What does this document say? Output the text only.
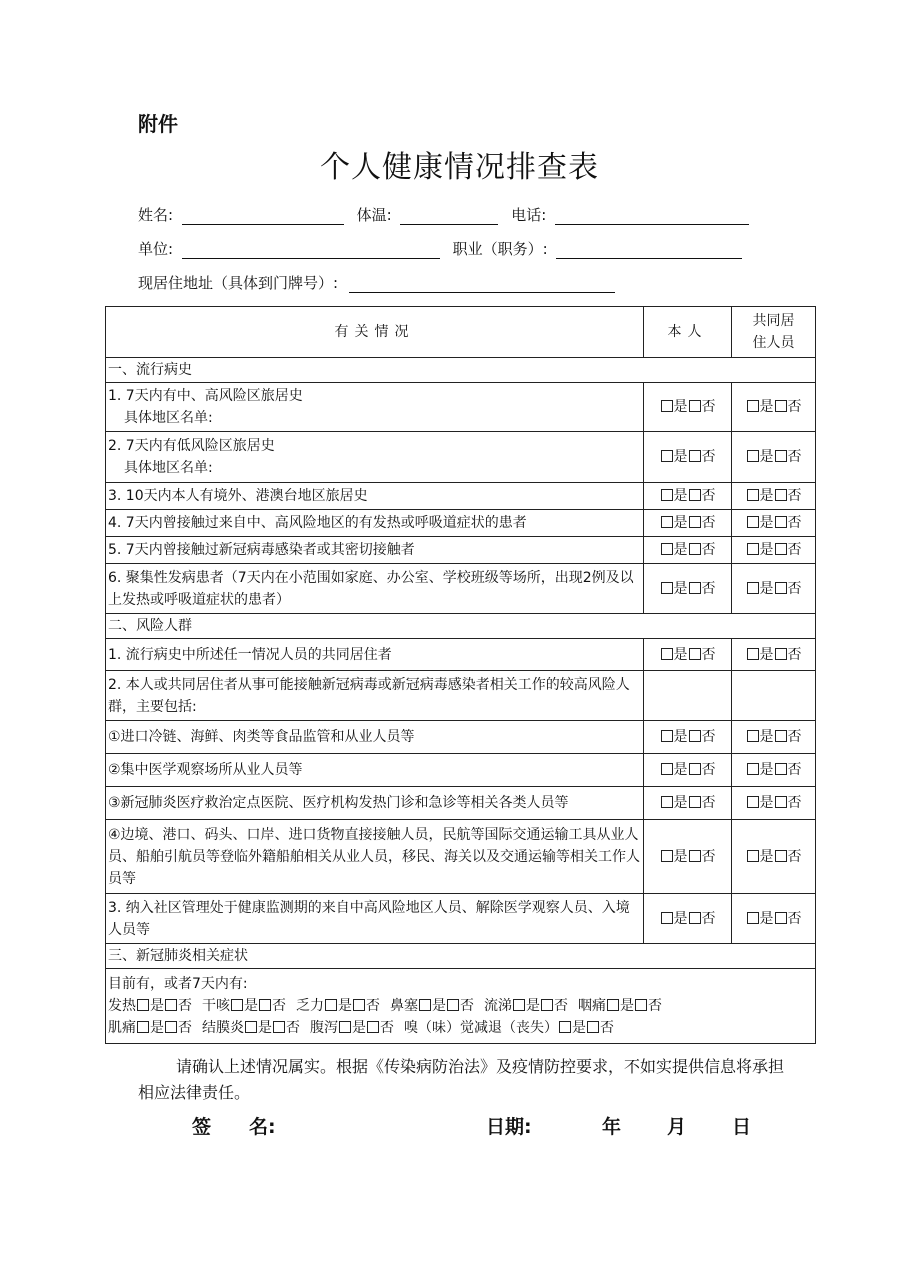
附件
个人健康情况排查表
姓名:	体温:	电话:
单位:	职业（职务）:
现居住地址（具体到门牌号）:
有关情况	本人	共同居
住人员

一、流行病史		

1. 7天内有中、高风险区旅居史
具体地区名单:	是 否	是 否

2. 7天内有低风险区旅居史
具体地区名单:	是 否	是 否
3. 10天内本人有境外、港澳台地区旅居史	是 否	是 否
4. 7天内曾接触过来自中、高风险地区的有发热或呼吸道症状的患者	是 否	是 否
5. 7天内曾接触过新冠病毒感染者或其密切接触者	是 否	是 否
6. 聚集性发病患者（7天内在小范围如家庭、办公室、学校班级等场所，出现2例及以上发热或呼吸道症状的患者）	是 否	是 否
二、风险人群		
1. 流行病史中所述任一情况人员的共同居住者	是 否	是 否
2. 本人或共同居住者从事可能接触新冠病毒或新冠病毒感染者相关工作的较高风险人群，主要包括:		
①进口冷链、海鲜、肉类等食品监管和从业人员等	是 否	是 否
②集中医学观察场所从业人员等	是 否	是 否
③新冠肺炎医疗救治定点医院、医疗机构发热门诊和急诊等相关各类人员等	是 否	是 否
④边境、港口、码头、口岸、进口货物直接接触人员，民航等国际交通运输工具从业人员、船舶引航员等登临外籍船舶相关从业人员，移民、海关以及交通运输等相关工作人员等	是 否	是 否
3. 纳入社区管理处于健康监测期的来自中高风险地区人员、解除医学观察人员、入境人员等	是 否	是 否
三、新冠肺炎相关症状		

目前有，或者7天内有:
发热 是 否 干咳 是 否 乏力 是 否 鼻塞 是 否 流涕 是 否 咽痛 是 否
肌痛 是 否 结膜炎 是 否 腹泻 是 否 嗅（味）觉减退（丧失） 是 否		
请确认上述情况属实。根据《传染病防治法》及疫情防控要求，不如实提供信息将承担相应法律责任。
签　　名:	日期:	年 月 日
